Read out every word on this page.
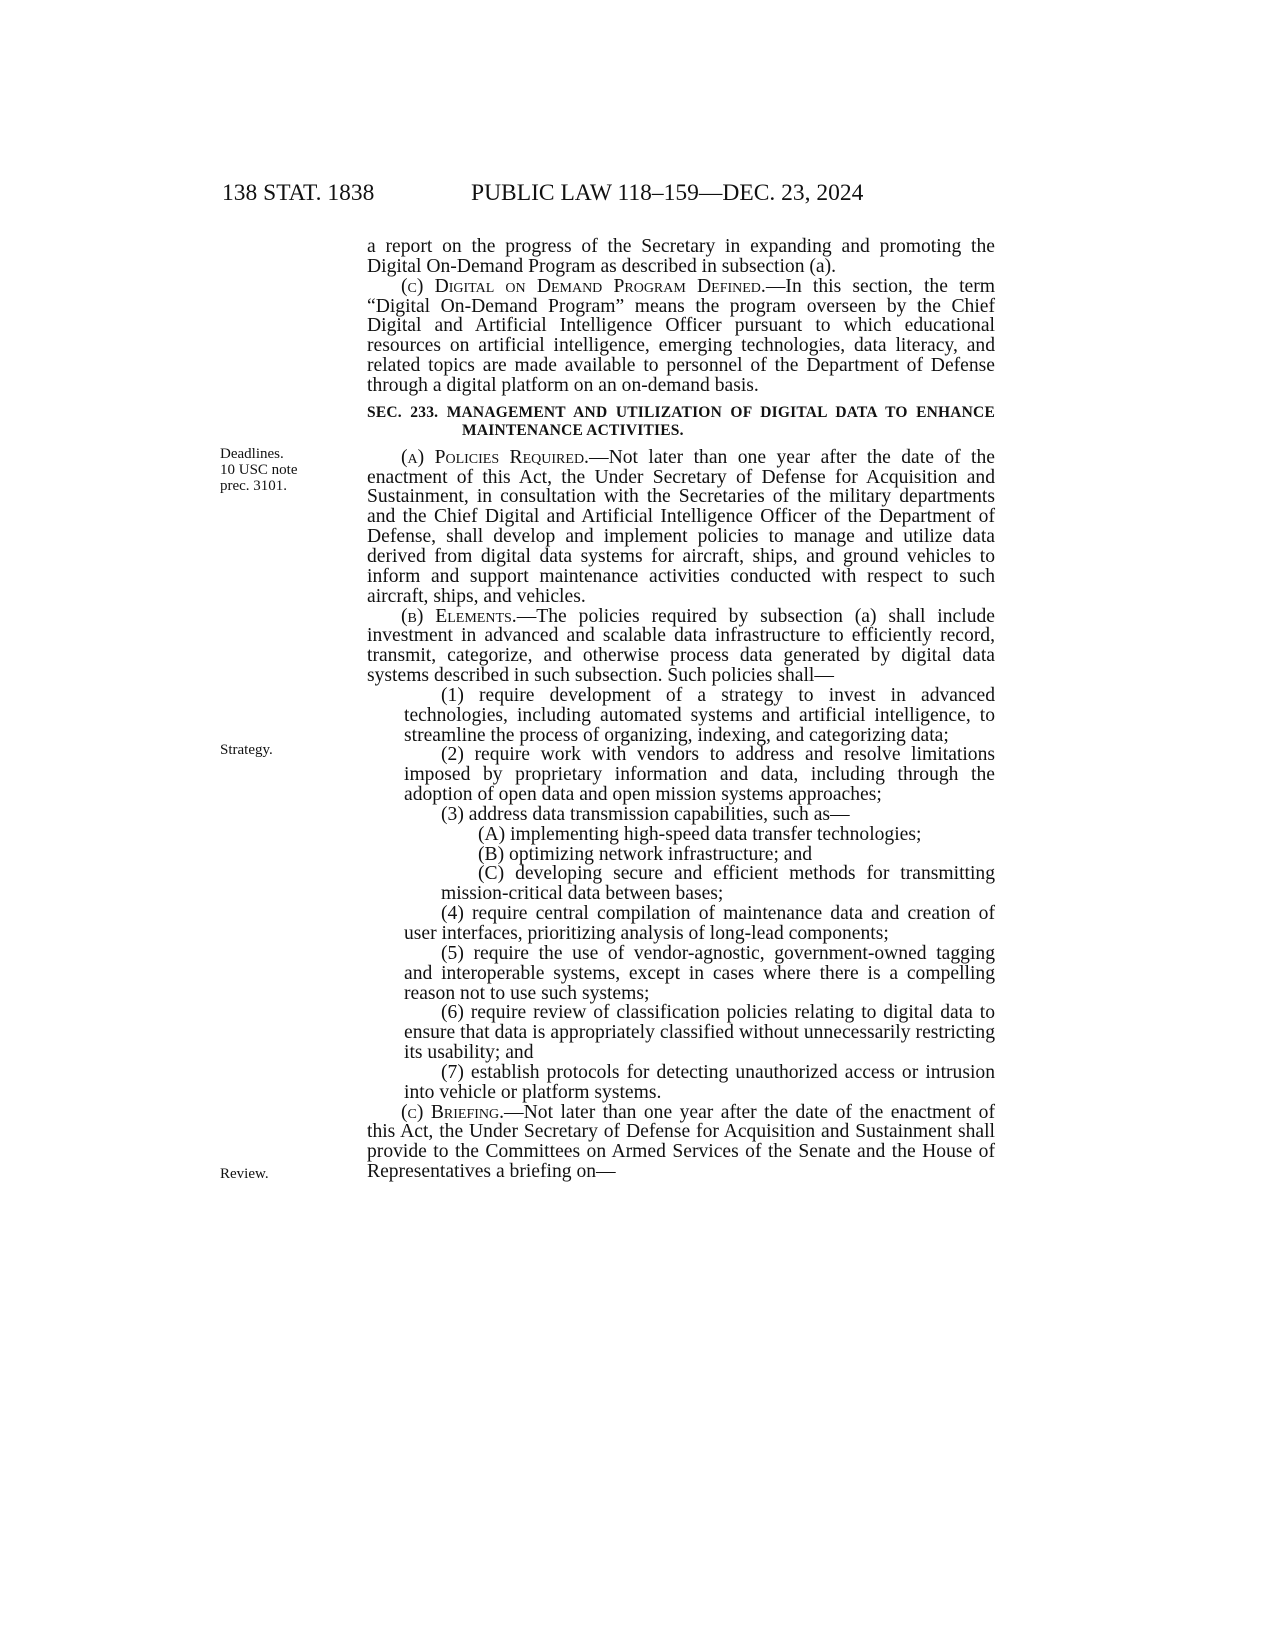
138 STAT. 1838	PUBLIC LAW 118–159—DEC. 23, 2024
Deadlines.
10 USC note
prec. 3101.
Strategy.
Review.

a report on the progress of the Secretary in expanding and promoting the Digital On-Demand Program as described in subsection (a).

(c) Digital on Demand Program Defined.—In this section, the term “Digital On-Demand Program” means the program overseen by the Chief Digital and Artificial Intelligence Officer pursuant to which educational resources on artificial intelligence, emerging technologies, data literacy, and related topics are made available to personnel of the Department of Defense through a digital platform on an on-demand basis.

SEC. 233. MANAGEMENT AND UTILIZATION OF DIGITAL DATA TO ENHANCE MAINTENANCE ACTIVITIES.

(a) Policies Required.—Not later than one year after the date of the enactment of this Act, the Under Secretary of Defense for Acquisition and Sustainment, in consultation with the Secretaries of the military departments and the Chief Digital and Artificial Intelligence Officer of the Department of Defense, shall develop and implement policies to manage and utilize data derived from digital data systems for aircraft, ships, and ground vehicles to inform and support maintenance activities conducted with respect to such aircraft, ships, and vehicles.

(b) Elements.—The policies required by subsection (a) shall include investment in advanced and scalable data infrastructure to efficiently record, transmit, categorize, and otherwise process data generated by digital data systems described in such subsection. Such policies shall—

(1) require development of a strategy to invest in advanced technologies, including automated systems and artificial intelligence, to streamline the process of organizing, indexing, and categorizing data;

(2) require work with vendors to address and resolve limitations imposed by proprietary information and data, including through the adoption of open data and open mission systems approaches;

(3) address data transmission capabilities, such as—

(A) implementing high-speed data transfer technologies;

(B) optimizing network infrastructure; and

(C) developing secure and efficient methods for transmitting mission-critical data between bases;

(4) require central compilation of maintenance data and creation of user interfaces, prioritizing analysis of long-lead components;

(5) require the use of vendor-agnostic, government-owned tagging and interoperable systems, except in cases where there is a compelling reason not to use such systems;

(6) require review of classification policies relating to digital data to ensure that data is appropriately classified without unnecessarily restricting its usability; and

(7) establish protocols for detecting unauthorized access or intrusion into vehicle or platform systems.

(c) Briefing.—Not later than one year after the date of the enactment of this Act, the Under Secretary of Defense for Acquisition and Sustainment shall provide to the Committees on Armed Services of the Senate and the House of Representatives a briefing on—
